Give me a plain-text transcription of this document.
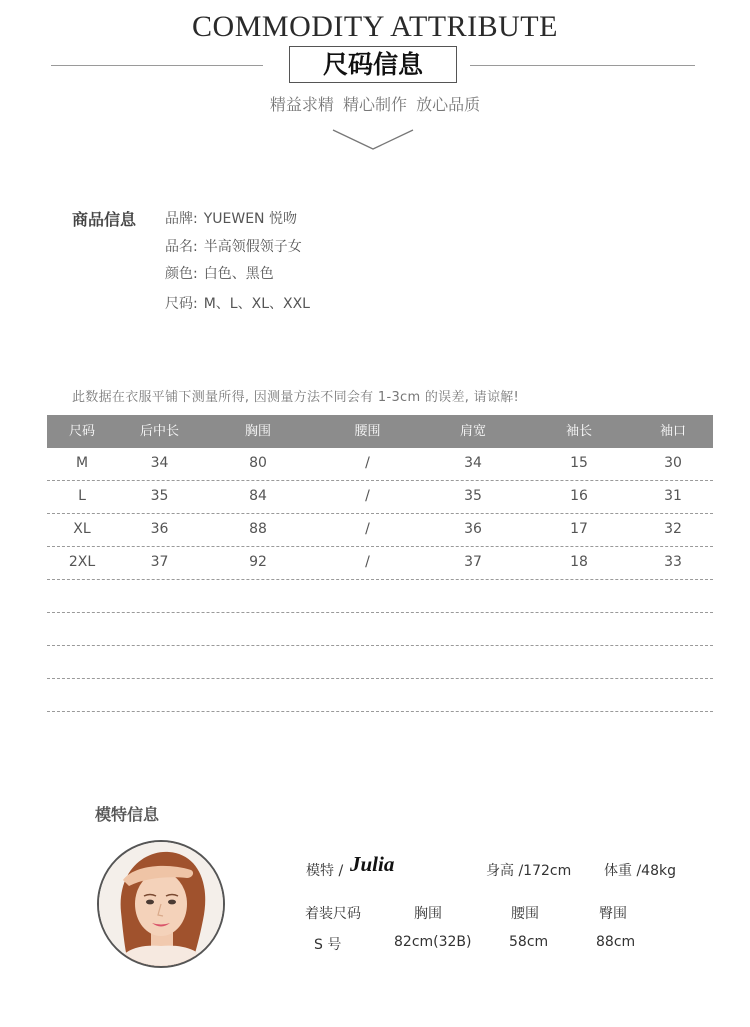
COMMODITY ATTRIBUTE
尺码信息
精益求精 精心制作 放心品质
商品信息 品牌: YUEWEN 悦吻
品名: 半高领假领子女
颜色: 白色、黑色
尺码: M、L、XL、XXL
此数据在衣服平铺下测量所得, 因测量方法不同会有 1-3cm 的误差, 请谅解!
尺码	后中长	胸围	腰围	肩宽	袖长	袖口
M	34	80	/	34	15	30
L	35	84	/	35	16	31
XL	36	88	/	36	17	32
2XL	37	92	/	37	18	33
模特信息
模特 / Julia	身高 /172cm 体重 /48kg
着装尺码	胸围	腰围	臀围
S 号	82cm(32B)	58cm	88cm
